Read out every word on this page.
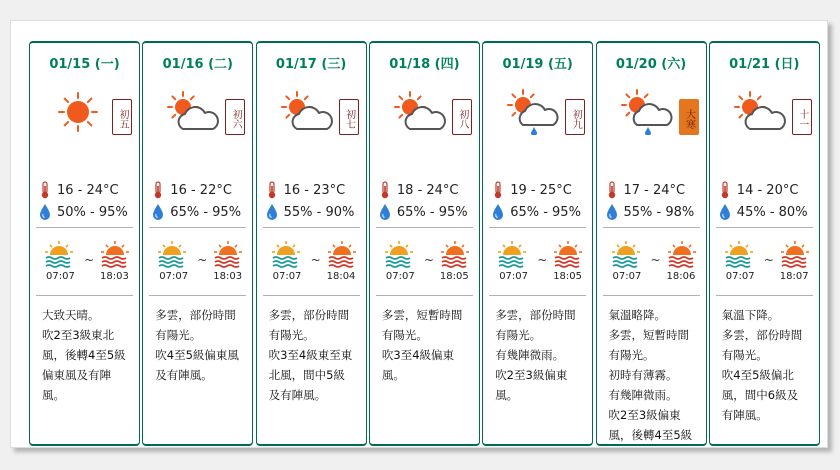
01/15 (一)
初五
16 - 24°C
50% - 95%
~
07:07	18:03
大致天晴。
吹2至3級東北
風，後轉4至5級
偏東風及有陣
風。
01/16 (二)
初六
16 - 22°C
65% - 95%
~
07:07	18:03
多雲，部份時間
有陽光。
吹4至5級偏東風
及有陣風。
01/17 (三)
初七
16 - 23°C
55% - 90%
~
07:07	18:04
多雲，部份時間
有陽光。
吹3至4級東至東
北風，間中5級
及有陣風。
01/18 (四)
初八
18 - 24°C
65% - 95%
~
07:07	18:05
多雲，短暫時間
有陽光。
吹3至4級偏東
風。
01/19 (五)
初九
19 - 25°C
65% - 95%
~
07:07	18:05
多雲，部份時間
有陽光。
有幾陣微雨。
吹2至3級偏東
風。
01/20 (六)
大寒
17 - 24°C
55% - 98%
~
07:07	18:06
氣溫略降。
多雲，短暫時間
有陽光。
初時有薄霧。
有幾陣微雨。
吹2至3級偏東
風，後轉4至5級
01/21 (日)
十一
14 - 20°C
45% - 80%
~
07:07	18:07
氣溫下降。
多雲，部份時間
有陽光。
吹4至5級偏北
風，間中6級及
有陣風。
